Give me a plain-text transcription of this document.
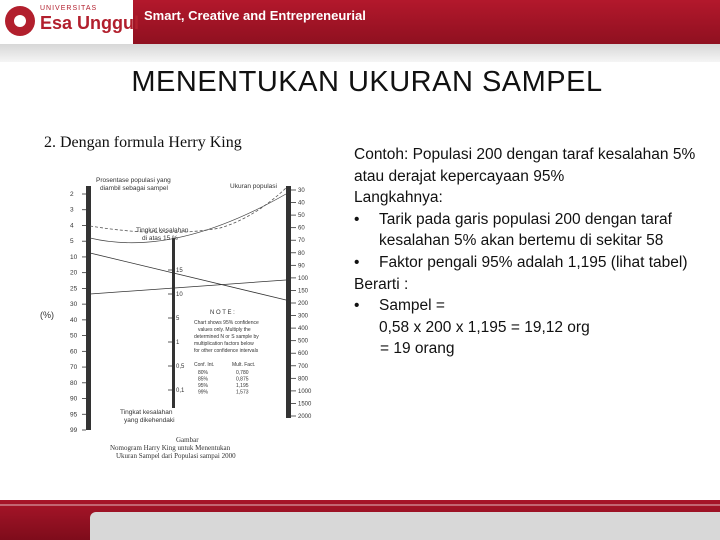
UNIVERSITAS
Esa Unggul Smart, Creative and Entrepreneurial
MENENTUKAN UKURAN SAMPEL
2. Dengan formula Herry King
Prosentase populasi yang
diambil sebagai sampel	Ukuran populasi
(%)
2
3
4
5
10
20
25
30
40
50
60
70
80
90
95
99
15
10
5
1
0,5
0,1
Tingkat kesalahan
di atas 15 %
30
40
50
60
70
80
90
100
150
200
300
400
500
600
700
800
1000
1500
2000
N O T E :
Chart shows 95% confidence
values only. Multiply the
determined N or S sample by
multiplication factors below
for other confidence intervals
Conf. Int.	Mult. Fact.
80%	0,780
85%	0,875
95%	1,195
99%	1,573
Tingkat kesalahan
yang dikehendaki
Gambar
Nomogram Harry King untuk Menentukan
Ukuran Sampel dari Populasi sampai 2000
Contoh: Populasi 200 dengan taraf kesalahan 5% atau derajat kepercayaan 95%
Langkahnya:
• Tarik pada garis populasi 200 dengan taraf kesalahan 5% akan bertemu di sekitar 58
• Faktor pengali 95% adalah 1,195 (lihat tabel)
Berarti :
• Sampel =
0,58 x 200 x 1,195 = 19,12 org
= 19 orang
